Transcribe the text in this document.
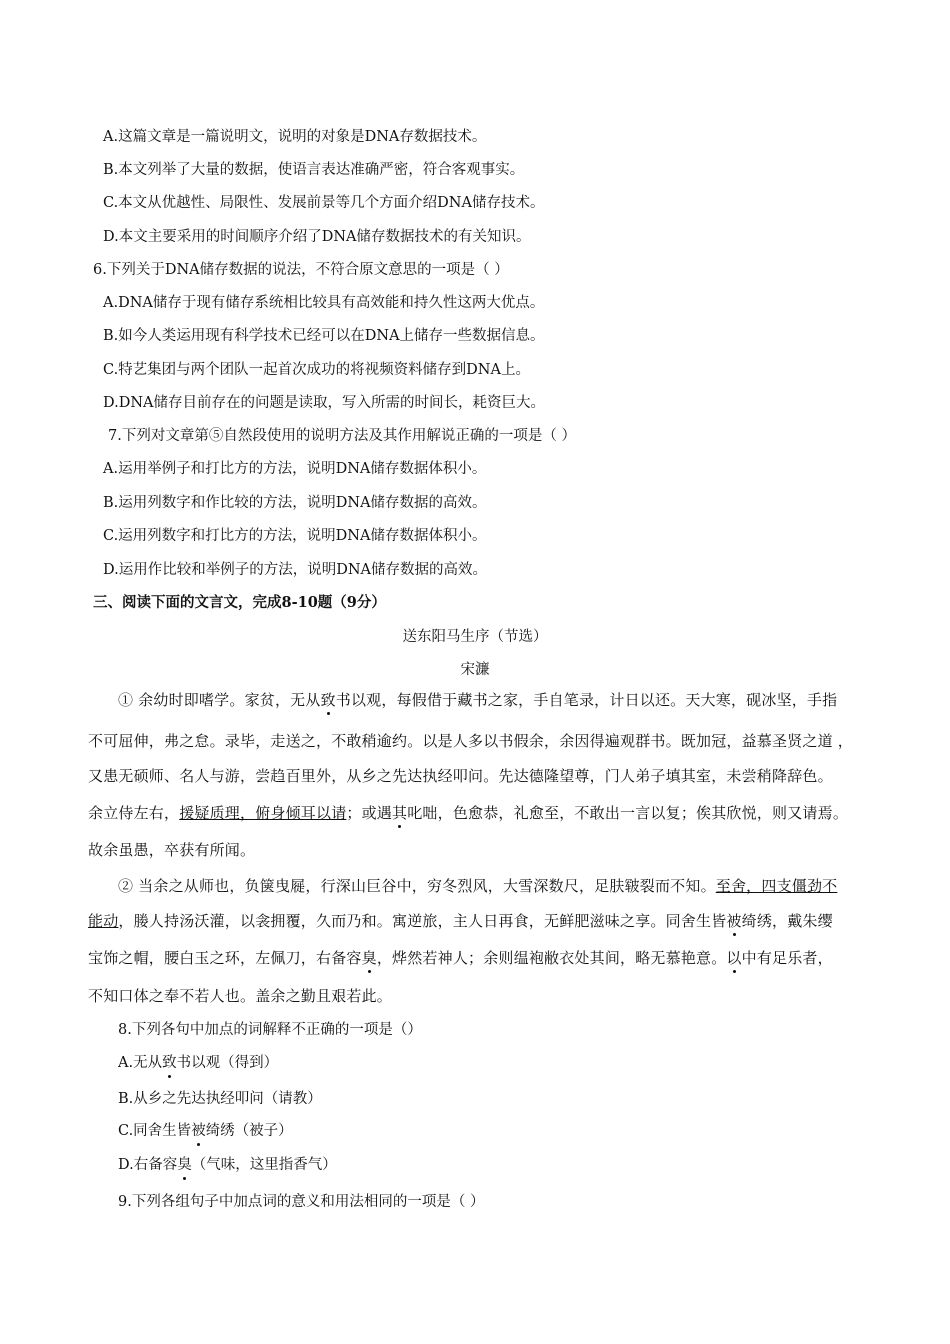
A.这篇文章是一篇说明文，说明的对象是DNA存数据技术。
B.本文列举了大量的数据，使语言表达准确严密，符合客观事实。
C.本文从优越性、局限性、发展前景等几个方面介绍DNA储存技术。
D.本文主要采用的时间顺序介绍了DNA储存数据技术的有关知识。
6.下列关于DNA储存数据的说法，不符合原文意思的一项是（ ）
A.DNA储存于现有储存系统相比较具有高效能和持久性这两大优点。
B.如今人类运用现有科学技术已经可以在DNA上储存一些数据信息。
C.特艺集团与两个团队一起首次成功的将视频资料储存到DNA上。
D.DNA储存目前存在的问题是读取，写入所需的时间长，耗资巨大。
7.下列对文章第⑤自然段使用的说明方法及其作用解说正确的一项是（ ）
A.运用举例子和打比方的方法，说明DNA储存数据体积小。
B.运用列数字和作比较的方法，说明DNA储存数据的高效。
C.运用列数字和打比方的方法，说明DNA储存数据体积小。
D.运用作比较和举例子的方法，说明DNA储存数据的高效。
三、阅读下面的文言文，完成8-10题（9分）
送东阳马生序（节选）
宋濂
① 余幼时即嗜学。家贫，无从致书以观，每假借于藏书之家，手自笔录，计日以还。天大寒，砚冰坚，手指
不可屈伸，弗之怠。录毕，走送之，不敢稍逾约。以是人多以书假余，余因得遍观群书。既加冠，益慕圣贤之道 ，
又患无硕师、名人与游，尝趋百里外，从乡之先达执经叩问。先达德隆望尊，门人弟子填其室，未尝稍降辞色。
余立侍左右，援疑质理，俯身倾耳以请；或遇其叱咄，色愈恭，礼愈至，不敢出一言以复；俟其欣悦，则又请焉。
故余虽愚，卒获有所闻。
② 当余之从师也，负箧曳屣，行深山巨谷中，穷冬烈风，大雪深数尺，足肤皲裂而不知。至舍，四支僵劲不
能动，媵人持汤沃灌，以衾拥覆，久而乃和。寓逆旅，主人日再食，无鲜肥滋味之享。同舍生皆被绮绣，戴朱缨
宝饰之帽，腰白玉之环，左佩刀，右备容臭，烨然若神人；余则缊袍敝衣处其间，略无慕艳意。以中有足乐者，
不知口体之奉不若人也。盖余之勤且艰若此。
8.下列各句中加点的词解释不正确的一项是（）
A.无从致书以观（得到）
B.从乡之先达执经叩问（请教）
C.同舍生皆被绮绣（被子）
D.右备容臭（气味，这里指香气）
9.下列各组句子中加点词的意义和用法相同的一项是（ ）
